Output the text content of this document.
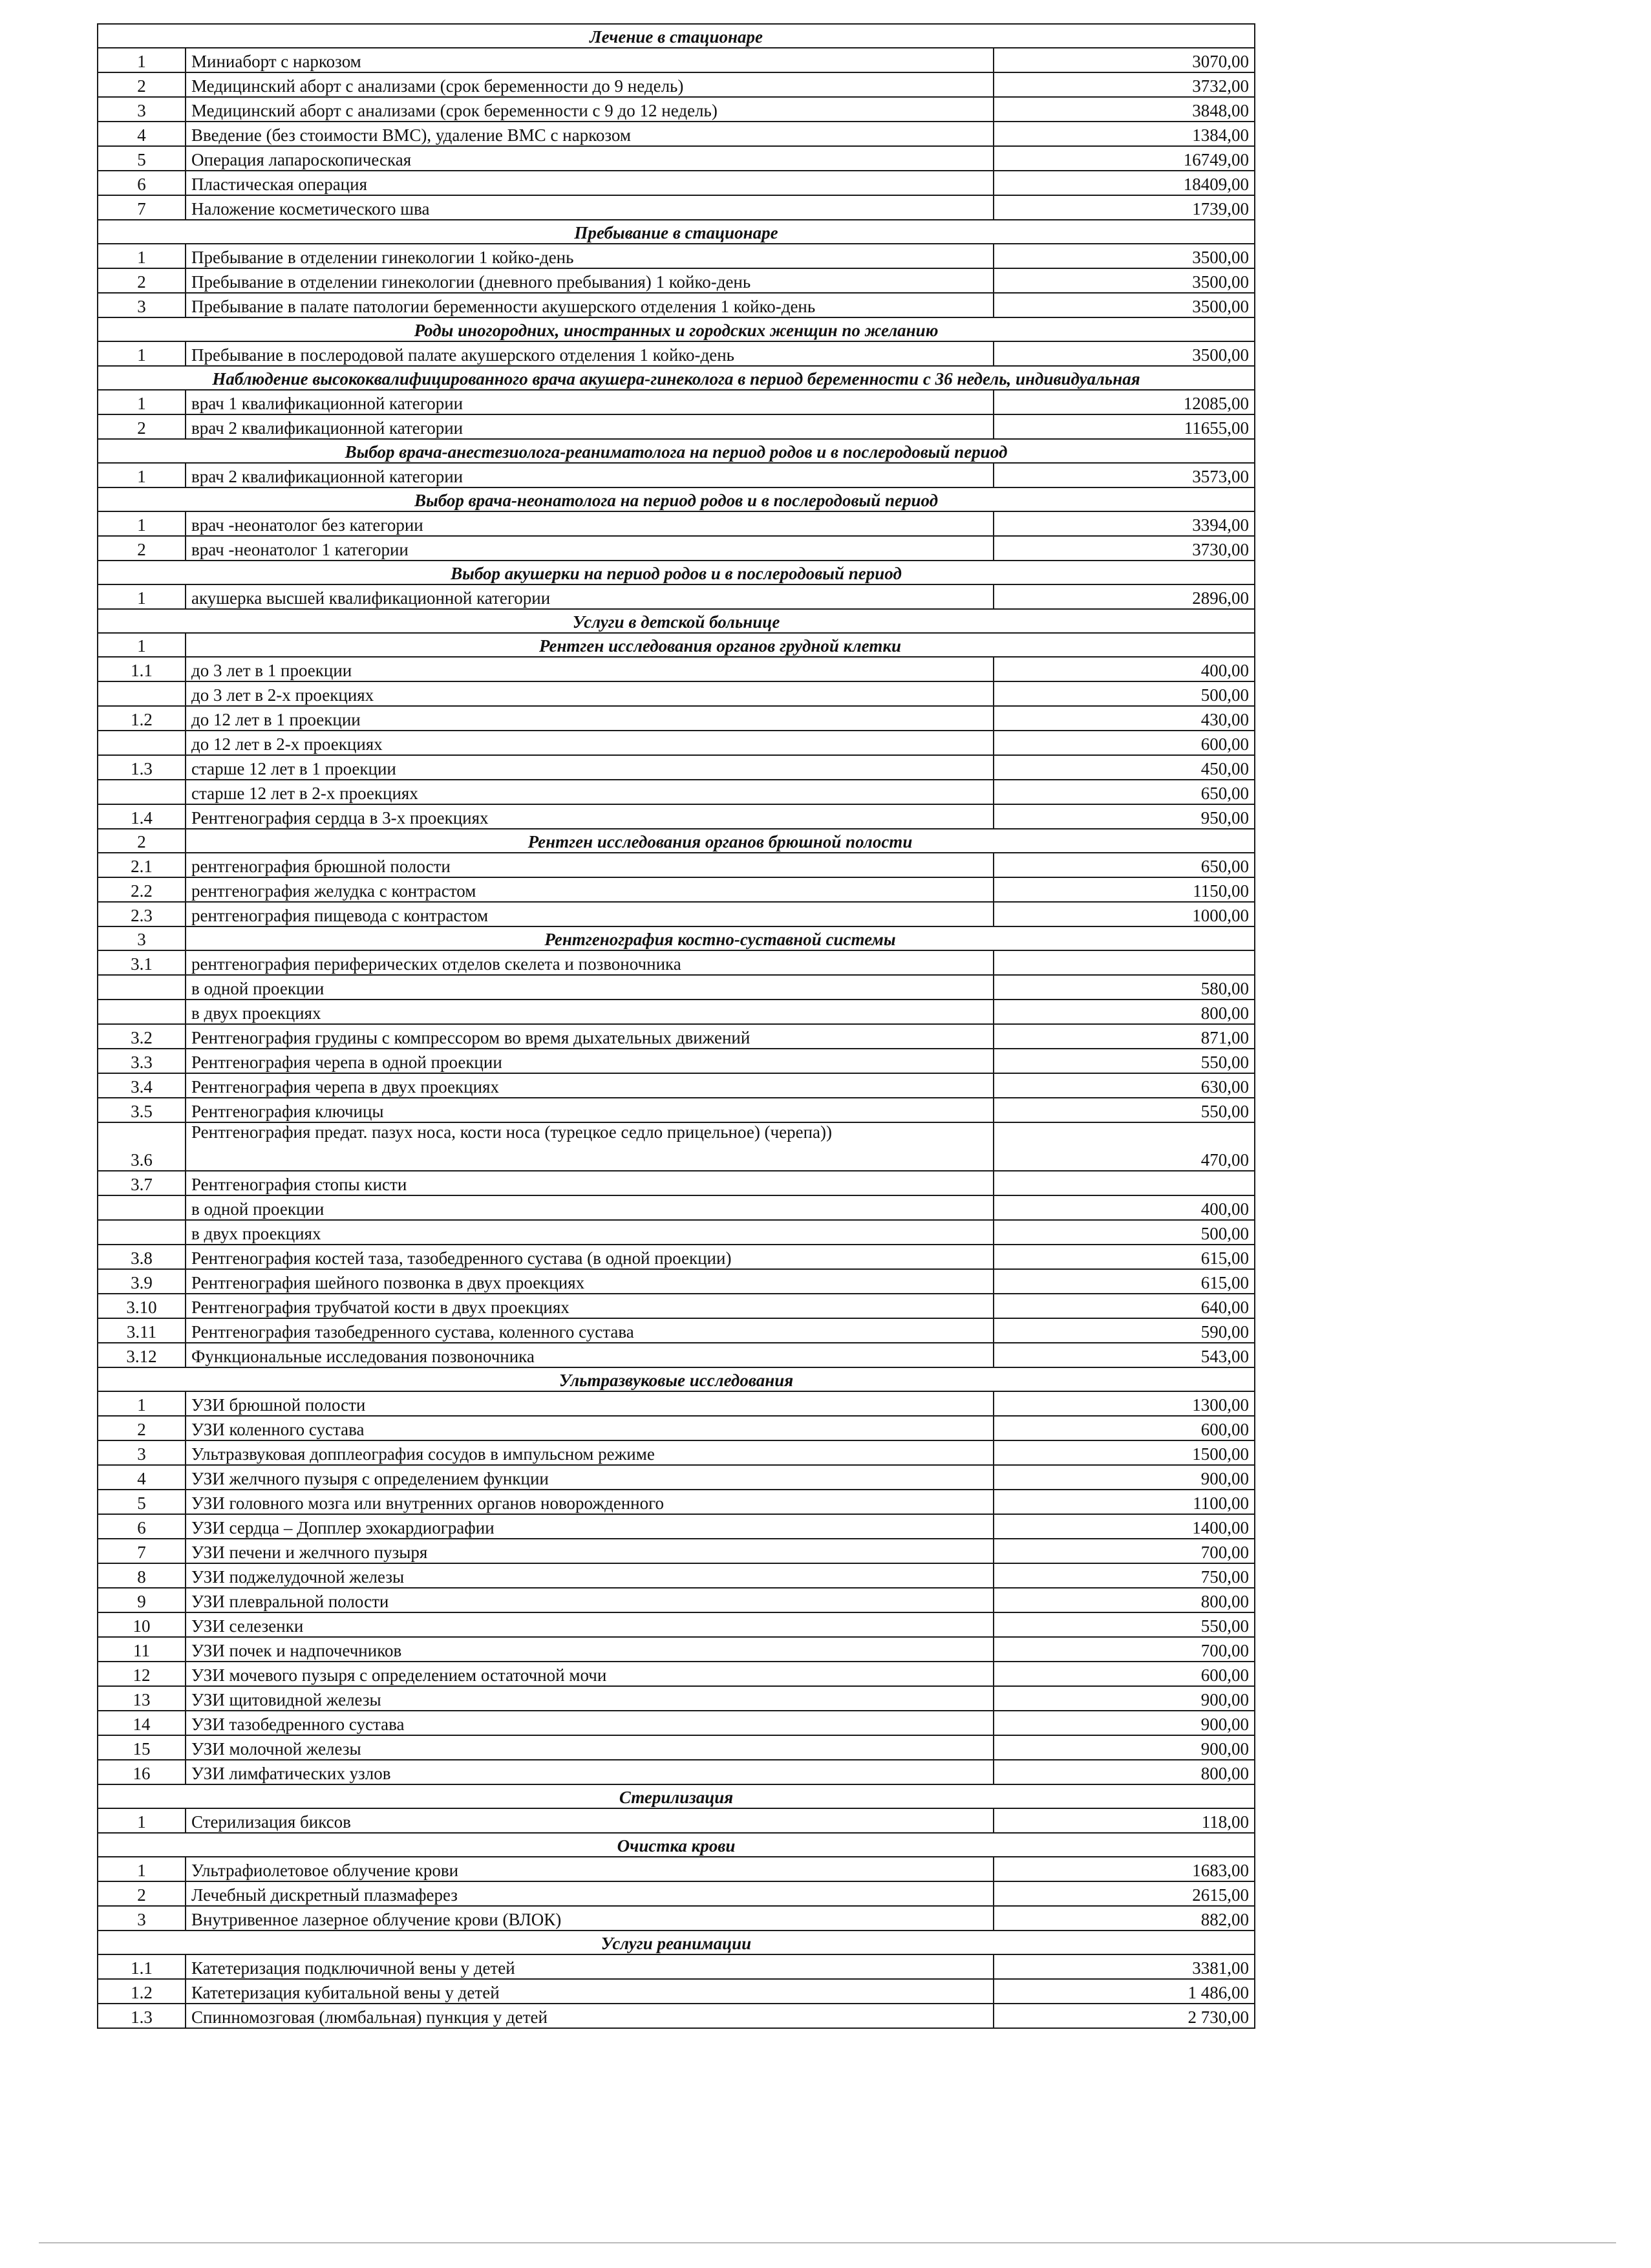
Лечение в стационаре		
1	Миниаборт с наркозом	3070,00
2	Медицинский аборт с анализами (срок беременности до 9 недель)	3732,00
3	Медицинский аборт с анализами (срок беременности с 9 до 12 недель)	3848,00
4	Введение (без стоимости ВМС), удаление ВМС с наркозом	1384,00
5	Операция лапароскопическая	16749,00
6	Пластическая операция	18409,00
7	Наложение косметического шва	1739,00
Пребывание в стационаре		
1	Пребывание в отделении гинекологии 1 койко-день	3500,00
2	Пребывание в отделении гинекологии (дневного пребывания) 1 койко-день	3500,00
3	Пребывание в палате патологии беременности акушерского отделения 1 койко-день	3500,00
Роды иногородних, иностранных и городских женщин по желанию		
1	Пребывание в послеродовой палате акушерского отделения 1 койко-день	3500,00
Наблюдение высококвалифицированного врача акушера-гинеколога в период беременности с 36 недель, индивидуальная		
1	врач 1 квалификационной категории	12085,00
2	врач 2 квалификационной категории	11655,00
Выбор врача-анестезиолога-реаниматолога на период родов и в послеродовый период		
1	врач 2 квалификационной категории	3573,00
Выбор врача-неонатолога на период родов и в послеродовый период		
1	врач -неонатолог без категории	3394,00
2	врач -неонатолог 1 категории	3730,00
Выбор акушерки на период родов и в послеродовый период		
1	акушерка высшей квалификационной категории	2896,00
Услуги в детской больнице		
1	Рентген исследования органов грудной клетки	
1.1	до 3 лет в 1 проекции	400,00
	до 3 лет в 2-х проекциях	500,00
1.2	до 12 лет в 1 проекции	430,00
	до 12 лет в 2-х проекциях	600,00
1.3	старше 12 лет в 1 проекции	450,00
	старше 12 лет в 2-х проекциях	650,00
1.4	Рентгенография сердца в 3-х проекциях	950,00
2	Рентген исследования органов брюшной полости	
2.1	рентгенография брюшной полости	650,00
2.2	рентгенография желудка с контрастом	1150,00
2.3	рентгенография пищевода с контрастом	1000,00
3	Рентгенография костно-суставной системы	
3.1	рентгенография периферических отделов скелета и позвоночника	
	в одной проекции	580,00
	в двух проекциях	800,00
3.2	Рентгенография грудины с компрессором во время дыхательных движений	871,00
3.3	Рентгенография черепа в одной проекции	550,00
3.4	Рентгенография черепа в двух проекциях	630,00
3.5	Рентгенография ключицы	550,00
3.6	Рентгенография предат. пазух носа, кости носа (турецкое седло прицельное) (черепа))	470,00
3.7	Рентгенография стопы кисти	
	в одной проекции	400,00
	в двух проекциях	500,00
3.8	Рентгенография костей таза, тазобедренного сустава (в одной проекции)	615,00
3.9	Рентгенография шейного позвонка в двух проекциях	615,00
3.10	Рентгенография трубчатой кости в двух проекциях	640,00
3.11	Рентгенография тазобедренного сустава, коленного сустава	590,00
3.12	Функциональные исследования позвоночника	543,00
Ультразвуковые исследования		
1	УЗИ брюшной полости	1300,00
2	УЗИ коленного сустава	600,00
3	Ультразвуковая допплеография сосудов в импульсном режиме	1500,00
4	УЗИ желчного пузыря с определением функции	900,00
5	УЗИ головного мозга или внутренних органов новорожденного	1100,00
6	УЗИ сердца – Допплер эхокардиографии	1400,00
7	УЗИ печени и желчного пузыря	700,00
8	УЗИ поджелудочной железы	750,00
9	УЗИ плевральной полости	800,00
10	УЗИ селезенки	550,00
11	УЗИ почек и надпочечников	700,00
12	УЗИ мочевого пузыря с определением остаточной мочи	600,00
13	УЗИ щитовидной железы	900,00
14	УЗИ тазобедренного сустава	900,00
15	УЗИ молочной железы	900,00
16	УЗИ лимфатических узлов	800,00
Стерилизация		
1	Стерилизация биксов	118,00
Очистка крови		
1	Ультрафиолетовое облучение крови	1683,00
2	Лечебный дискретный плазмаферез	2615,00
3	Внутривенное лазерное облучение крови (ВЛОК)	882,00
Услуги реанимации		
1.1	Катетеризация подключичной вены у детей	3381,00
1.2	Катетеризация кубитальной вены у детей	1 486,00
1.3	Спинномозговая (люмбальная) пункция у детей	2 730,00
